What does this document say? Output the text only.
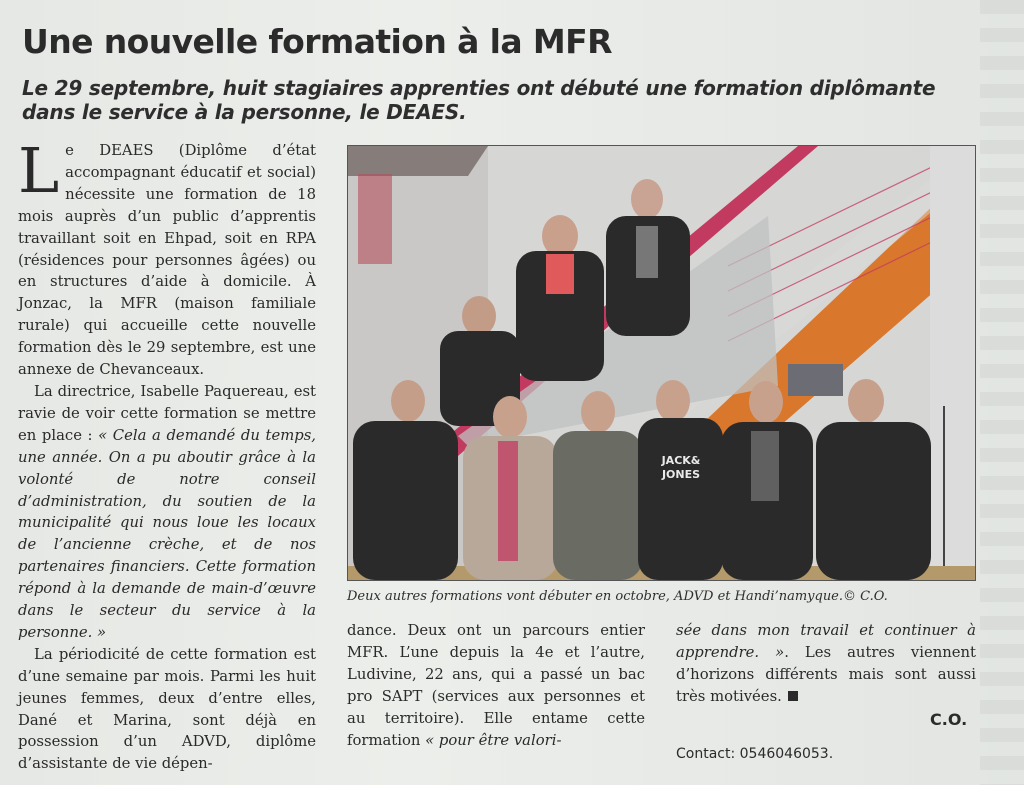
Une nouvelle formation à la MFR

Le 29 septembre, huit stagiaires apprenties ont débuté une formation diplômante dans le service à la personne, le DEAES.

Le DEAES (Diplôme d’état accompagnant éducatif et social) nécessite une formation de 18 mois auprès d’un public d’apprentis travaillant soit en Ehpad, soit en RPA (résidences pour personnes âgées) ou en structures d’aide à domicile. À Jonzac, la MFR (maison familiale rurale) qui accueille cette nouvelle formation dès le 29 septembre, est une annexe de Chevanceaux.

La directrice, Isabelle Paquereau, est ravie de voir cette formation se mettre en place : « Cela a demandé du temps, une année. On a pu aboutir grâce à la volonté de notre conseil d’administration, du soutien de la municipalité qui nous loue les locaux de l’ancienne crèche, et de nos partenaires financiers. Cette formation répond à la demande de main-d’œuvre dans le secteur du service à la personne. »

La périodicité de cette formation est d’une semaine par mois. Parmi les huit jeunes femmes, deux d’entre elles, Dané et Marina, sont déjà en possession d’un ADVD, diplôme d’assistante de vie dépen-

JACK&
JONES
Deux autres formations vont débuter en octobre, ADVD et Handi’namyque.© C.O.

dance. Deux ont un parcours entier MFR. L’une depuis la 4e et l’autre, Ludivine, 22 ans, qui a passé un bac pro SAPT (services aux personnes et au territoire). Elle entame cette formation « pour être valori-

sée dans mon travail et continuer à apprendre. ». Les autres viennent d’horizons différents mais sont aussi très motivées.

C.O.
Contact: 0546046053.
